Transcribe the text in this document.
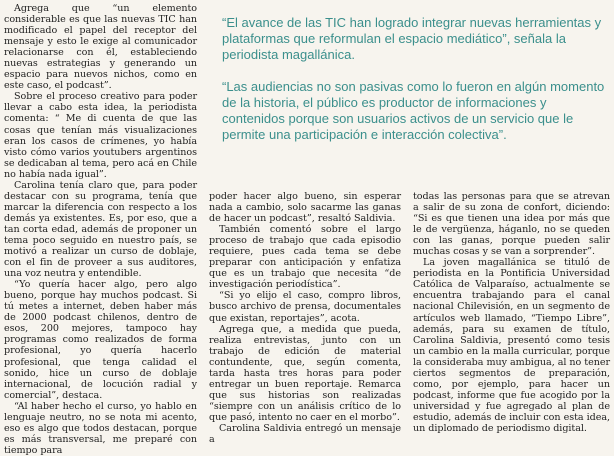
“El avance de las TIC han logrado integrar nuevas herramientas y plataformas que reformulan el espacio mediático”, señala la periodista magallánica.

“Las audiencias no son pasivas como lo fueron en algún momento de la historia, el público es productor de informaciones y contenidos porque son usuarios activos de un servicio que le permite una participación e interacción colectiva”.

Agrega que “un elemento considerable es que las nuevas TIC han modificado el papel del receptor del mensaje y esto le exige al comunicador relacionarse con él, estableciendo nuevas estrategias y generando un espacio para nuevos nichos, como en este caso, el podcast”.

Sobre el proceso creativo para poder llevar a cabo esta idea, la periodista comenta: “ Me di cuenta de que las cosas que tenían más visualizaciones eran los casos de crímenes, yo había visto cómo varios youtubers argentinos se dedicaban al tema, pero acá en Chile no había nada igual”.

Carolina tenía claro que, para poder destacar con su programa, tenía que marcar la diferencia con respecto a los demás ya existentes. Es, por eso, que a tan corta edad, además de proponer un tema poco seguido en nuestro país, se motivó a realizar un curso de doblaje, con el fin de proveer a sus auditores, una voz neutra y entendible.

“Yo quería hacer algo, pero algo bueno, porque hay muchos podcast. Si tú metes a internet, deben haber más de 2000 podcast chilenos, dentro de esos, 200 mejores, tampoco hay programas como realizados de forma profesional, yo quería hacerlo profesional, que tenga calidad el sonido, hice un curso de doblaje internacional, de locución radial y comercial”, destaca.

“Al haber hecho el curso, yo hablo en lenguaje neutro, no se nota mi acento, eso es algo que todos destacan, porque es más transversal, me preparé con tiempo para

poder hacer algo bueno, sin esperar nada a cambio, solo sacarme las ganas de hacer un podcast”, resaltó Saldivia.

También comentó sobre el largo proceso de trabajo que cada episodio requiere, pues cada tema se debe preparar con anticipación y enfatiza que es un trabajo que necesita “de investigación periodística”.

“Si yo elijo el caso, compro libros, busco archivo de prensa, documentales que existan, reportajes”, acota.

Agrega que, a medida que pueda, realiza entrevistas, junto con un trabajo de edición de material contundente, que, según comenta, tarda hasta tres horas para poder entregar un buen reportaje. Remarca que sus historias son realizadas “siempre con un análisis crítico de lo que pasó, intento no caer en el morbo”.

Carolina Saldivia entregó un mensaje a

todas las personas para que se atrevan a salir de su zona de confort, diciendo: “Si es que tienen una idea por más que le de vergüenza, háganlo, no se queden con las ganas, porque pueden salir muchas cosas y se van a sorprender”.

La joven magallánica se tituló de periodista en la Pontificia Universidad Católica de Valparaíso, actualmente se encuentra trabajando para el canal nacional Chilevisión, en un segmento de artículos web llamado, “Tiempo Libre”, además, para su examen de título, Carolina Saldivia, presentó como tesis un cambio en la malla curricular, porque la consideraba muy ambigua, al no tener ciertos segmentos de preparación, como, por ejemplo, para hacer un podcast, informe que fue acogido por la universidad y fue agregado al plan de estudio, además de incluir con esta idea, un diplomado de periodismo digital.
